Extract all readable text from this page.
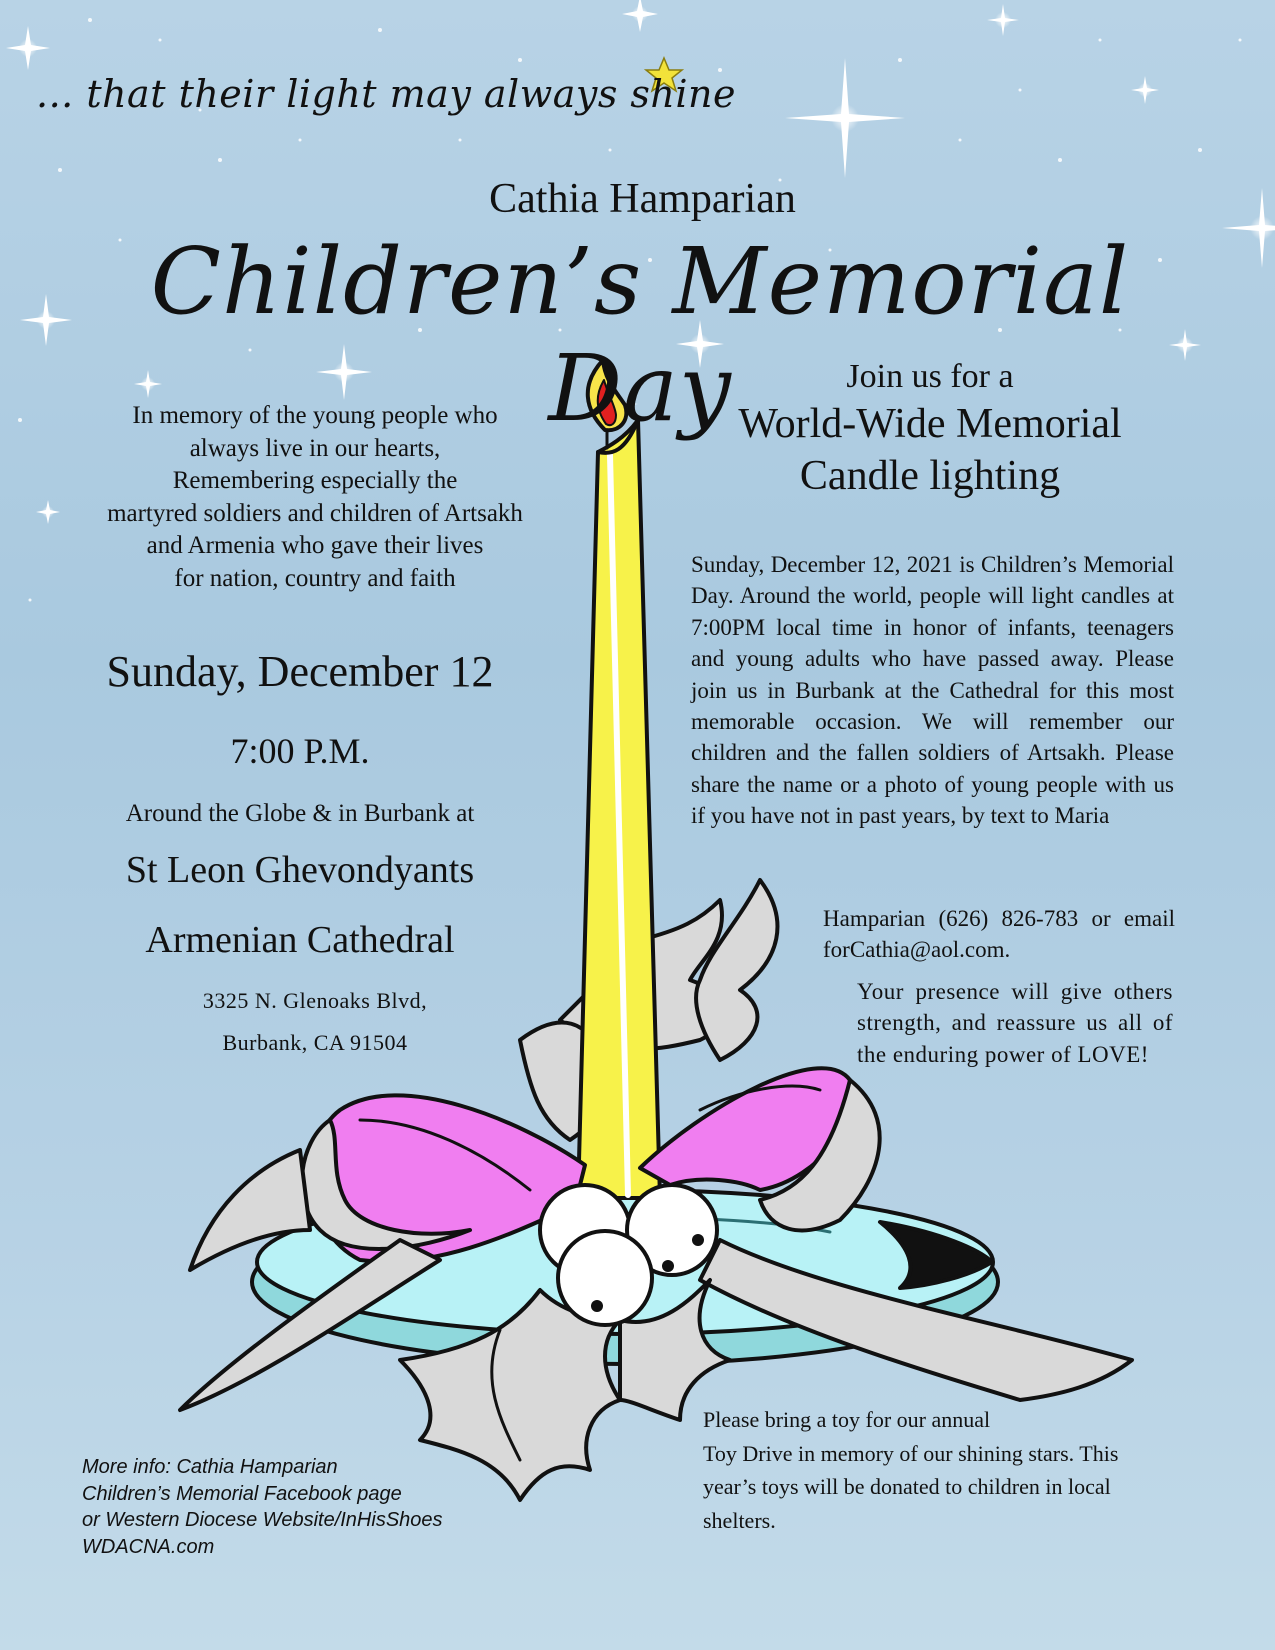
... that their light may always shine
Cathia Hamparian
Children’s Memorial Day
In memory of the young people who
always live in our hearts,
Remembering especially the
martyred soldiers and children of Artsakh
and Armenia who gave their lives
for nation, country and faith
Sunday, December 12
7:00 P.M.
Around the Globe & in Burbank at
St Leon Ghevondyants
Armenian Cathedral
3325 N. Glenoaks Blvd,
Burbank, CA 91504
Join us for a
World-Wide Memorial
Candle lighting
Sunday, December 12, 2021 is Children’s Memorial Day. Around the world, people will light candles at 7:00PM local time in honor of infants, teenagers and young adults who have passed away. Please join us in Burbank at the Cathedral for this most memorable occasion. We will remember our children and the fallen soldiers of Artsakh. Please share the name or a photo of young people with us if you have not in past years, by text to Maria
Hamparian (626) 826-783 or email forCathia@aol.com.
Your presence will give others strength, and reassure us all of the enduring power of LOVE!
Please bring a toy for our annual
Toy Drive in memory of our shining stars. This
year’s toys will be donated to children in local
shelters.
More info: Cathia Hamparian
Children’s Memorial Facebook page
or Western Diocese Website/InHisShoes
WDACNA.com
